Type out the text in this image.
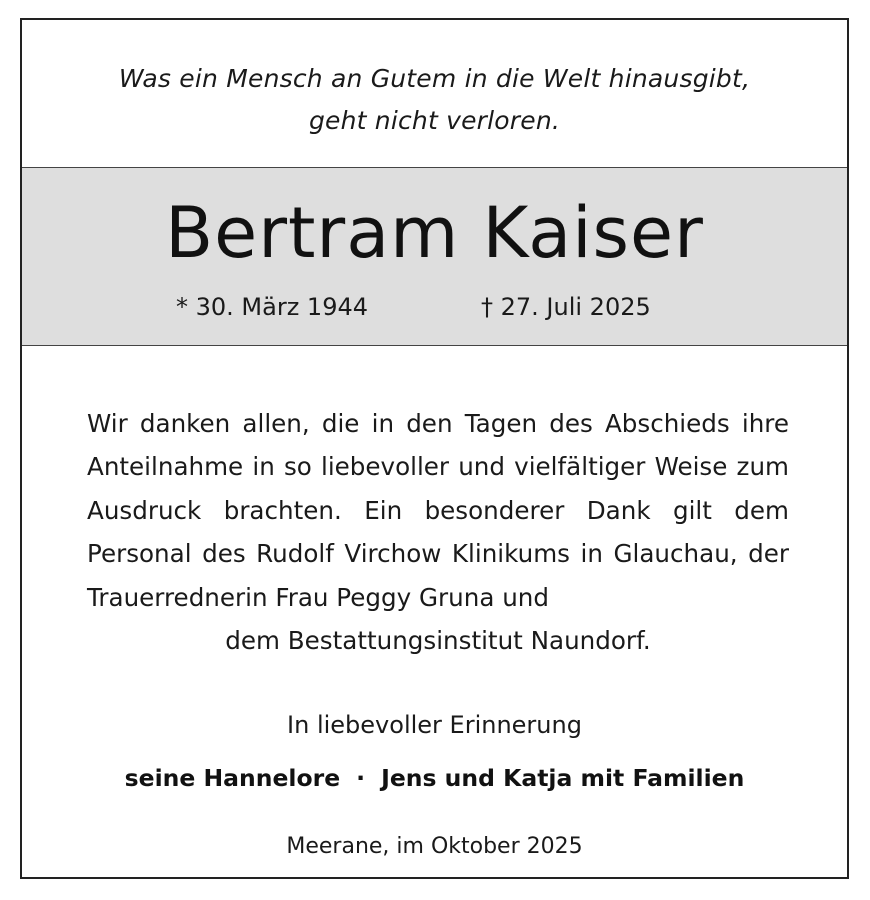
Was ein Mensch an Gutem in die Welt hinausgibt,
geht nicht verloren.
Bertram Kaiser
* 30. März 1944	† 27. Juli 2025
Wir danken allen, die in den Tagen des Abschieds ihre Anteilnahme in so liebevoller und vielfältiger Weise zum Ausdruck brachten. Ein besonderer Dank gilt dem Personal des Rudolf Virchow Klinikums in Glauchau, der Trauerrednerin Frau Peggy Gruna und
dem Bestattungsinstitut Naundorf.
In liebevoller Erinnerung
seine Hannelore · Jens und Katja mit Familien
Meerane, im Oktober 2025
